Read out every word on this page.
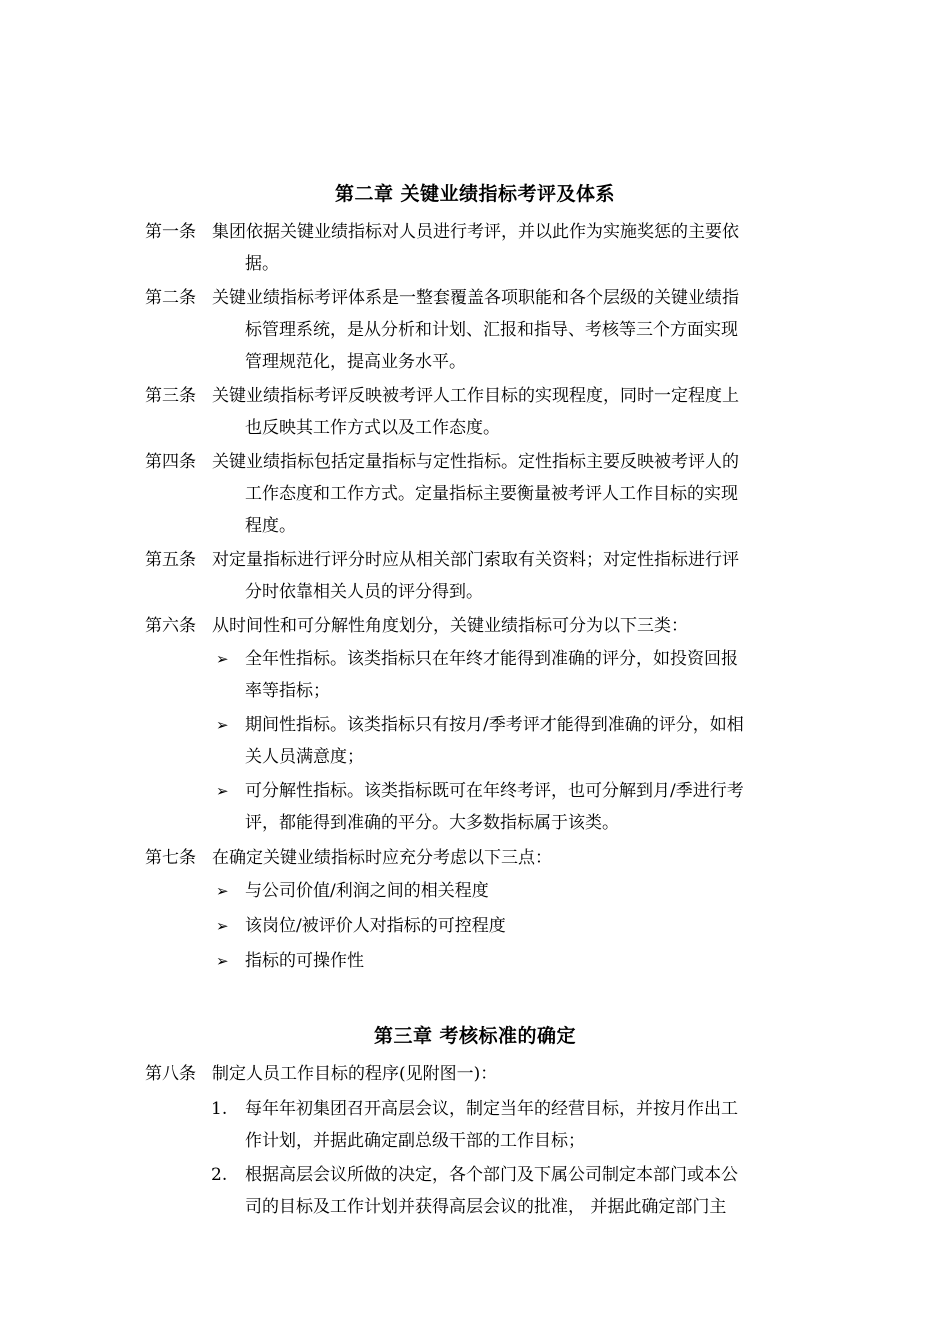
第二章 关键业绩指标考评及体系
第一条 集团依据关键业绩指标对人员进行考评，并以此作为实施奖惩的主要依
据。
第二条 关键业绩指标考评体系是一整套覆盖各项职能和各个层级的关键业绩指
标管理系统，是从分析和计划、汇报和指导、考核等三个方面实现
管理规范化，提高业务水平。
第三条 关键业绩指标考评反映被考评人工作目标的实现程度，同时一定程度上
也反映其工作方式以及工作态度。
第四条 关键业绩指标包括定量指标与定性指标。定性指标主要反映被考评人的
工作态度和工作方式。定量指标主要衡量被考评人工作目标的实现
程度。
第五条 对定量指标进行评分时应从相关部门索取有关资料；对定性指标进行评
分时依靠相关人员的评分得到。
第六条 从时间性和可分解性角度划分，关键业绩指标可分为以下三类：
➢ 全年性指标。该类指标只在年终才能得到准确的评分，如投资回报
率等指标；
➢ 期间性指标。该类指标只有按月/季考评才能得到准确的评分，如相
关人员满意度；
➢ 可分解性指标。该类指标既可在年终考评，也可分解到月/季进行考
评，都能得到准确的平分。大多数指标属于该类。
第七条 在确定关键业绩指标时应充分考虑以下三点：
➢ 与公司价值/利润之间的相关程度
➢ 该岗位/被评价人对指标的可控程度
➢ 指标的可操作性
第三章 考核标准的确定
第八条 制定人员工作目标的程序(见附图一)：
1. 每年年初集团召开高层会议，制定当年的经营目标，并按月作出工
作计划，并据此确定副总级干部的工作目标；
2. 根据高层会议所做的决定，各个部门及下属公司制定本部门或本公
司的目标及工作计划并获得高层会议的批准， 并据此确定部门主
